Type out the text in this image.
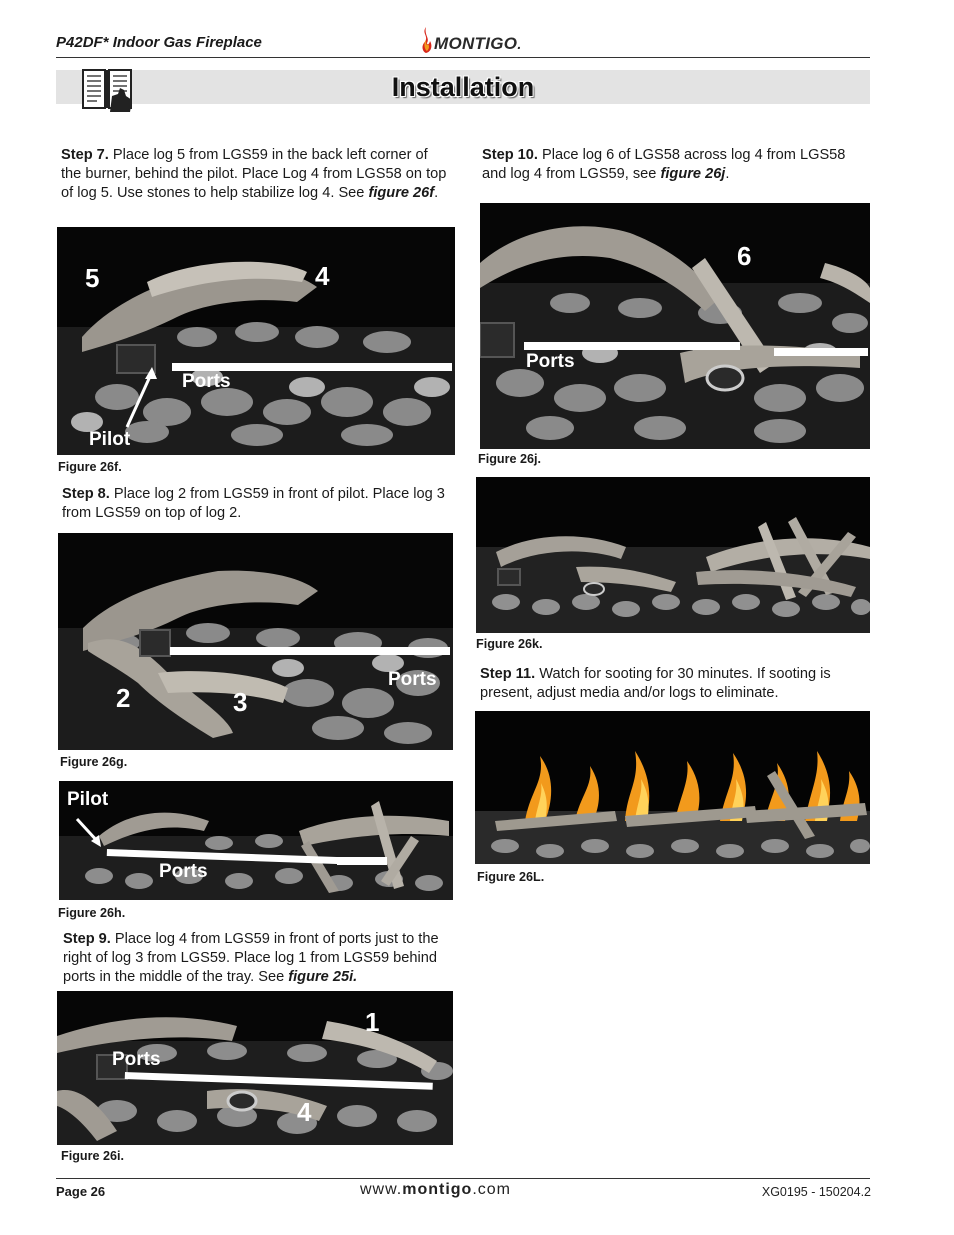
P42DF* Indoor Gas Fireplace	MONTIGO.
Installation
Step 7. Place log 5 from LGS59 in the back left corner of the burner, behind the pilot. Place Log 4 from LGS58 on top of log 5. Use stones to help stabilize log 4. See figure 26f.
5	4
Ports
Pilot
Figure 26f.
Step 8. Place log 2 from LGS59 in front of pilot. Place log 3 from LGS59 on top of log 2.
2	3
Ports
Figure 26g.
Pilot
Ports
Figure 26h.
Step 9. Place log 4 from LGS59 in front of ports just to the right of log 3 from LGS59. Place log 1 from LGS59 behind ports in the middle of the tray. See figure 25i.
1
4
Ports
Figure 26i.
Step 10. Place log 6 of LGS58 across log 4 from LGS58 and log 4 from LGS59, see figure 26j.
6
Ports
Figure 26j.
Figure 26k.
Step 11. Watch for sooting for 30 minutes. If sooting is present, adjust media and/or logs to eliminate.
Figure 26L.
Page 26	www.montigo.com	XG0195 - 150204.2
